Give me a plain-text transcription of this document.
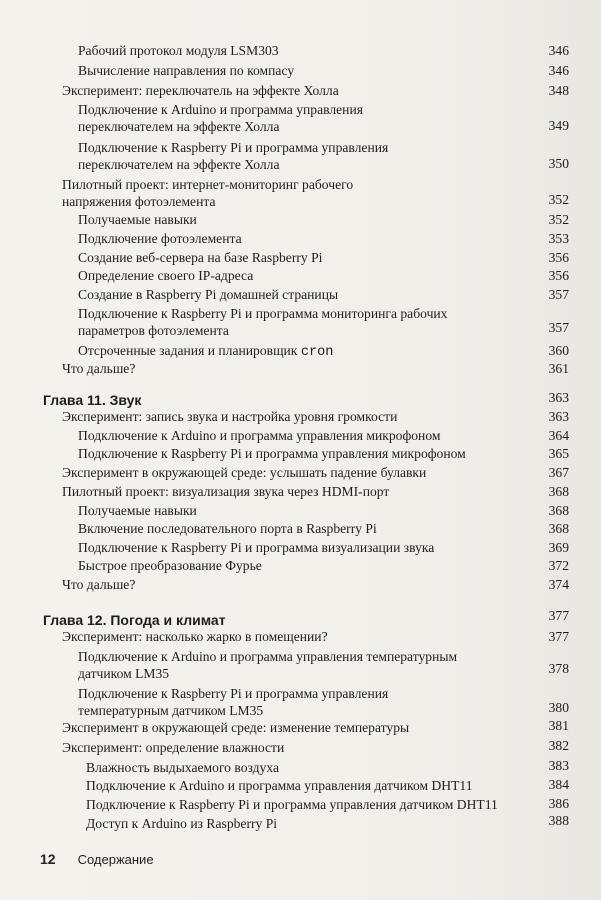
Рабочий протокол модуля LSM303	346
Вычисление направления по компасу	346
Эксперимент: переключатель на эффекте Холла	348
Подключение к Arduino и программа управления
переключателем на эффекте Холла	349
Подключение к Raspberry Pi и программа управления
переключателем на эффекте Холла	350
Пилотный проект: интернет-мониторинг рабочего
напряжения фотоэлемента	352
Получаемые навыки	352
Подключение фотоэлемента	353
Создание веб-сервера на базе Raspberry Pi	356
Определение своего IP-адреса	356
Создание в Raspberry Pi домашней страницы	357
Подключение к Raspberry Pi и программа мониторинга рабочих
параметров фотоэлемента	357
Отсроченные задания и планировщик cron	360
Что дальше?	361
Глава 11. Звук	363
Эксперимент: запись звука и настройка уровня громкости	363
Подключение к Arduino и программа управления микрофоном	364
Подключение к Raspberry Pi и программа управления микрофоном	365
Эксперимент в окружающей среде: услышать падение булавки	367
Пилотный проект: визуализация звука через HDMI-порт	368
Получаемые навыки	368
Включение последовательного порта в Raspberry Pi	368
Подключение к Raspberry Pi и программа визуализации звука	369
Быстрое преобразование Фурье	372
Что дальше?	374
Глава 12. Погода и климат	377
Эксперимент: насколько жарко в помещении?	377
Подключение к Arduino и программа управления температурным
датчиком LM35	378
Подключение к Raspberry Pi и программа управления
температурным датчиком LM35	380
Эксперимент в окружающей среде: изменение температуры	381
Эксперимент: определение влажности	382
Влажность выдыхаемого воздуха	383
Подключение к Arduino и программа управления датчиком DHT11	384
Подключение к Raspberry Pi и программа управления датчиком DHT11	386
Доступ к Arduino из Raspberry Pi	388
12 Содержание
